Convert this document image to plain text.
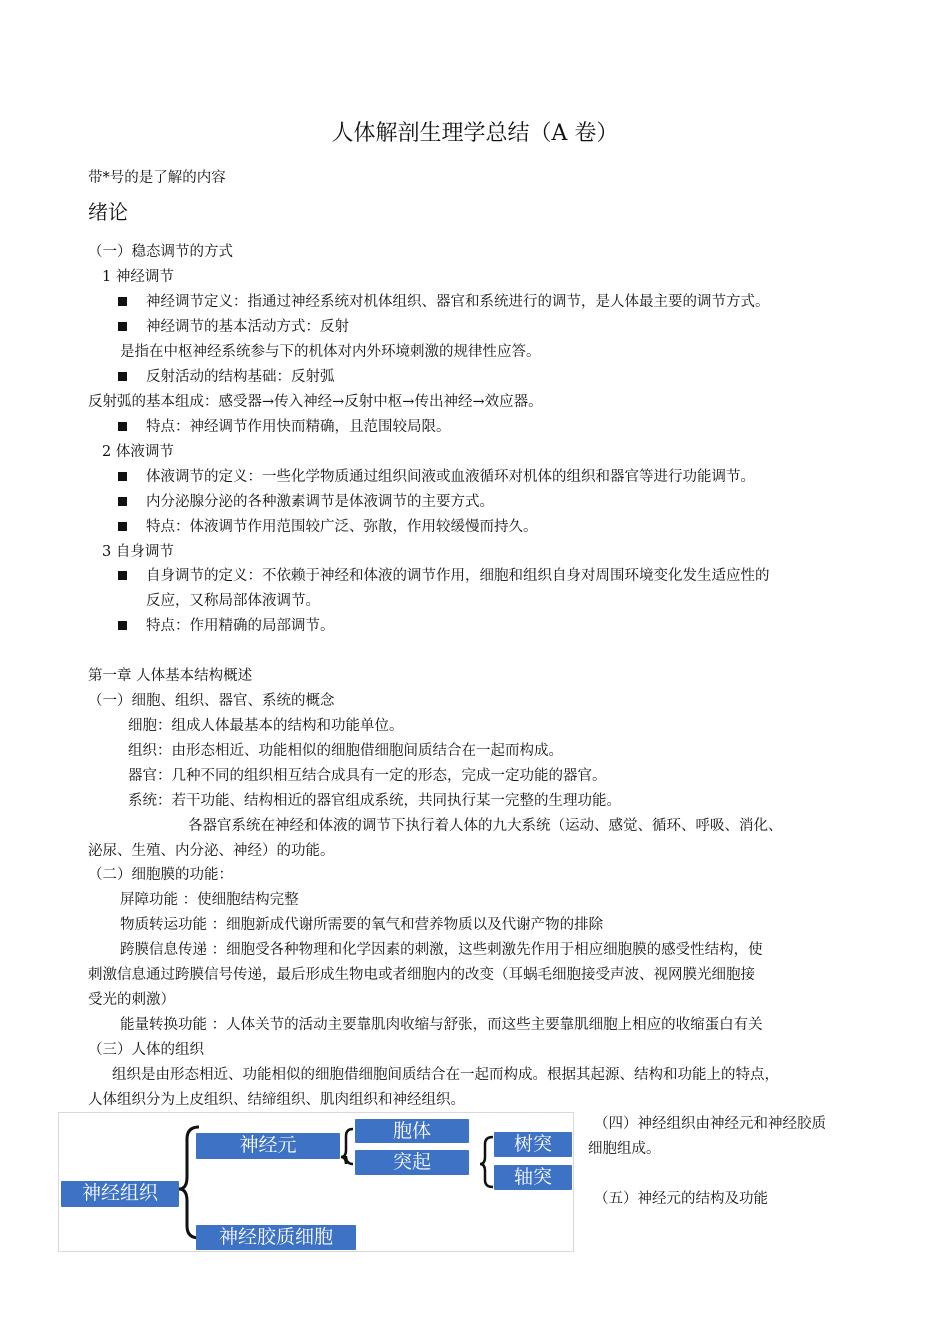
人体解剖生理学总结（A 卷）
带*号的是了解的内容
绪论
（一）稳态调节的方式
1 神经调节
神经调节定义：指通过神经系统对机体组织、器官和系统进行的调节，是人体最主要的调节方式。
神经调节的基本活动方式：反射
是指在中枢神经系统参与下的机体对内外环境刺激的规律性应答。
反射活动的结构基础：反射弧
反射弧的基本组成：感受器→传入神经→反射中枢→传出神经→效应器。
特点：神经调节作用快而精确，且范围较局限。
2 体液调节
体液调节的定义：一些化学物质通过组织间液或血液循环对机体的组织和器官等进行功能调节。
内分泌腺分泌的各种激素调节是体液调节的主要方式。
特点：体液调节作用范围较广泛、弥散，作用较缓慢而持久。
3 自身调节
自身调节的定义：不依赖于神经和体液的调节作用，细胞和组织自身对周围环境变化发生适应性的
反应，又称局部体液调节。
特点：作用精确的局部调节。
第一章 人体基本结构概述
（一）细胞、组织、器官、系统的概念
细胞：组成人体最基本的结构和功能单位。
组织：由形态相近、功能相似的细胞借细胞间质结合在一起而构成。
器官：几种不同的组织相互结合成具有一定的形态，完成一定功能的器官。
系统：若干功能、结构相近的器官组成系统，共同执行某一完整的生理功能。
各器官系统在神经和体液的调节下执行着人体的九大系统（运动、感觉、循环、呼吸、消化、
泌尿、生殖、内分泌、神经）的功能。
（二）细胞膜的功能：
屏障功能 ：使细胞结构完整
物质转运功能 ：细胞新成代谢所需要的氧气和营养物质以及代谢产物的排除
跨膜信息传递 ：细胞受各种物理和化学因素的刺激，这些刺激先作用于相应细胞膜的感受性结构，使
刺激信息通过跨膜信号传递，最后形成生物电或者细胞内的改变（耳蜗毛细胞接受声波、视网膜光细胞接
受光的刺激）
能量转换功能 ：人体关节的活动主要靠肌肉收缩与舒张，而这些主要靠肌细胞上相应的收缩蛋白有关
（三）人体的组织
组织是由形态相近、功能相似的细胞借细胞间质结合在一起而构成。根据其起源、结构和功能上的特点，
人体组织分为上皮组织、结缔组织、肌肉组织和神经组织。
（四）神经组织由神经元和神经胶质
细胞组成。
（五）神经元的结构及功能
神经组织
神经元
神经胶质细胞
胞体
突起
树突
轴突
